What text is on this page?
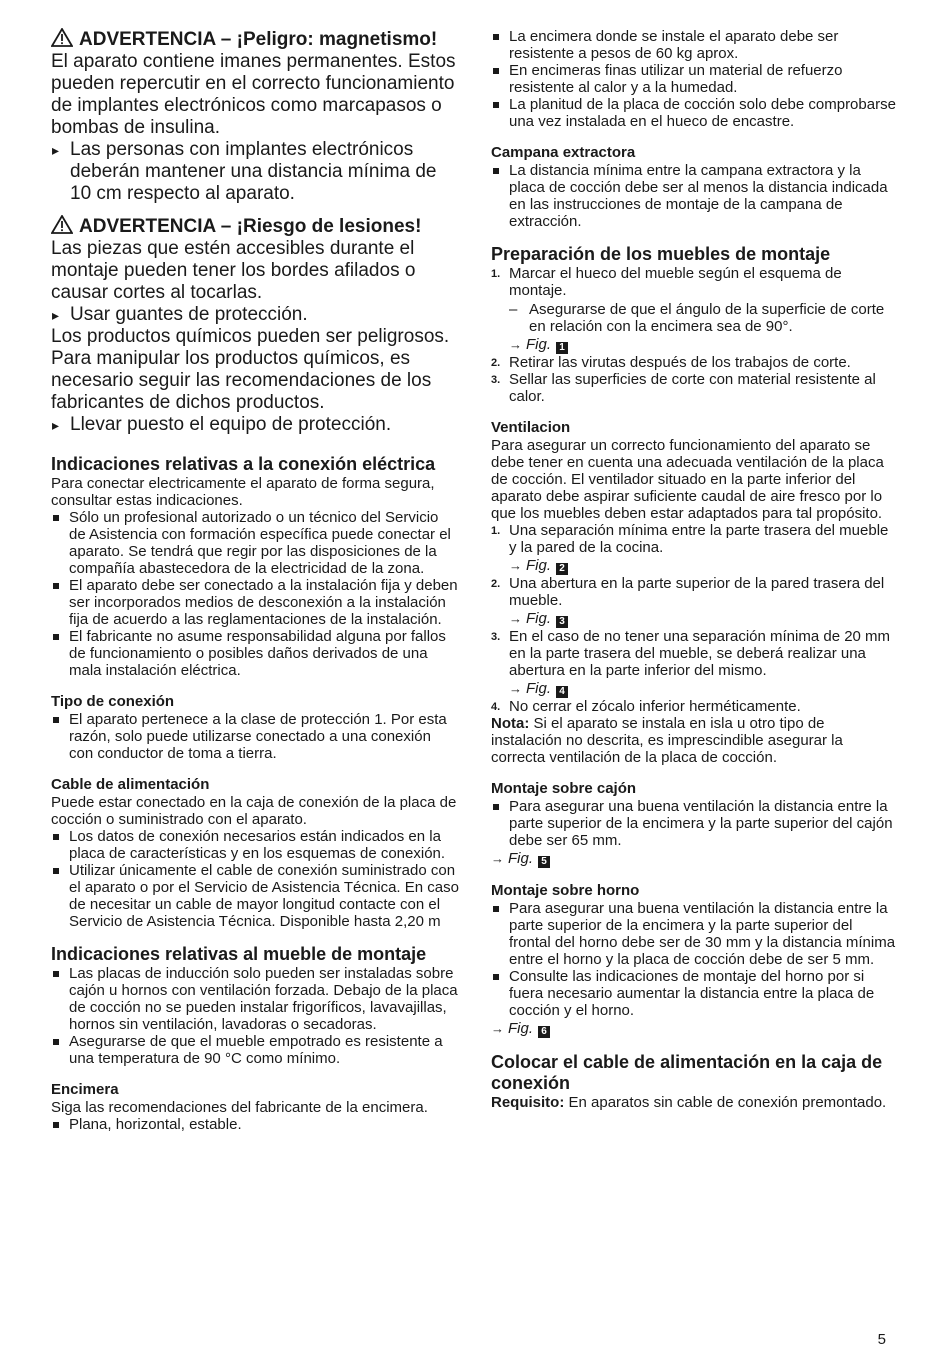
ADVERTENCIA – ¡Peligro: magnetismo!

El aparato contiene imanes permanentes. Estos pueden repercutir en el correcto funcionamiento de implantes electrónicos como marcapasos o bombas de insulina.

▸ Las personas con implantes electrónicos deberán mantener una distancia mínima de 10 cm respecto al aparato.

ADVERTENCIA – ¡Riesgo de lesiones!

Las piezas que estén accesibles durante el montaje pueden tener los bordes afilados o causar cortes al tocarlas.

▸ Usar guantes de protección.

Los productos químicos pueden ser peligrosos. Para manipular los productos químicos, es necesario seguir las recomendaciones de los fabricantes de dichos productos.

▸ Llevar puesto el equipo de protección.

Indicaciones relativas a la conexión eléctrica

Para conectar electricamente el aparato de forma segura, consultar estas indicaciones.

Sólo un profesional autorizado o un técnico del Servicio de Asistencia con formación específica puede conectar el aparato. Se tendrá que regir por las disposiciones de la compañía abastecedora de la electricidad de la zona.
El aparato debe ser conectado a la instalación fija y deben ser incorporados medios de desconexión a la instalación fija de acuerdo a las reglamentaciones de la instalación.
El fabricante no asume responsabilidad alguna por fallos de funcionamiento o posibles daños derivados de una mala instalación eléctrica.

Tipo de conexión

El aparato pertenece a la clase de protección 1. Por esta razón, solo puede utilizarse conectado a una conexión con conductor de toma a tierra.

Cable de alimentación

Puede estar conectado en la caja de conexión de la placa de cocción o suministrado con el aparato.

Los datos de conexión necesarios están indicados en la placa de características y en los esquemas de conexión.
Utilizar únicamente el cable de conexión suministrado con el aparato o por el Servicio de Asistencia Técnica. En caso de necesitar un cable de mayor longitud contacte con el Servicio de Asistencia Técnica. Disponible hasta 2,20 m

Indicaciones relativas al mueble de montaje

Las placas de inducción solo pueden ser instaladas sobre cajón u hornos con ventilación forzada. Debajo de la placa de cocción no se pueden instalar frigoríficos, lavavajillas, hornos sin ventilación, lavadoras o secadoras.
Asegurarse de que el mueble empotrado es resistente a una temperatura de 90 °C como mínimo.

Encimera

Siga las recomendaciones del fabricante de la encimera.

Plana, horizontal, estable.
La encimera donde se instale el aparato debe ser resistente a pesos de 60 kg aprox.
En encimeras finas utilizar un material de refuerzo resistente al calor y a la humedad.
La planitud de la placa de cocción solo debe comprobarse una vez instalada en el hueco de encastre.

Campana extractora

La distancia mínima entre la campana extractora y la placa de cocción debe ser al menos la distancia indicada en las instrucciones de montaje de la campana de extracción.

Preparación de los muebles de montaje

1. Marcar el hueco del mueble según el esquema de montaje.

– Asegurarse de que el ángulo de la superficie de corte en relación con la encimera sea de 90°.

→ Fig. 1

2. Retirar las virutas después de los trabajos de corte.
3. Sellar las superficies de corte con material resistente al calor.

Ventilacion

Para asegurar un correcto funcionamiento del aparato se debe tener en cuenta una adecuada ventilación de la placa de cocción. El ventilador situado en la parte inferior del aparato debe aspirar suficiente caudal de aire fresco por lo que los muebles deben estar adaptados para tal propósito.

1. Una separación mínima entre la parte trasera del mueble y la pared de la cocina.

→ Fig. 2

2. Una abertura en la parte superior de la pared trasera del mueble.

→ Fig. 3

3. En el caso de no tener una separación mínima de 20 mm en la parte trasera del mueble, se deberá realizar una abertura en la parte inferior del mismo.

→ Fig. 4

4. No cerrar el zócalo inferior herméticamente.

Nota: Si el aparato se instala en isla u otro tipo de instalación no descrita, es imprescindible asegurar la correcta ventilación de la placa de cocción.

Montaje sobre cajón

Para asegurar una buena ventilación la distancia entre la parte superior de la encimera y la parte superior del cajón debe ser 65 mm.

→ Fig. 5

Montaje sobre horno

Para asegurar una buena ventilación la distancia entre la parte superior de la encimera y la parte superior del frontal del horno debe ser de 30 mm y la distancia mínima entre el horno y la placa de cocción debe de ser 5 mm.
Consulte las indicaciones de montaje del horno por si fuera necesario aumentar la distancia entre la placa de cocción y el horno.

→ Fig. 6

Colocar el cable de alimentación en la caja de conexión

Requisito: En aparatos sin cable de conexión premontado.

5
